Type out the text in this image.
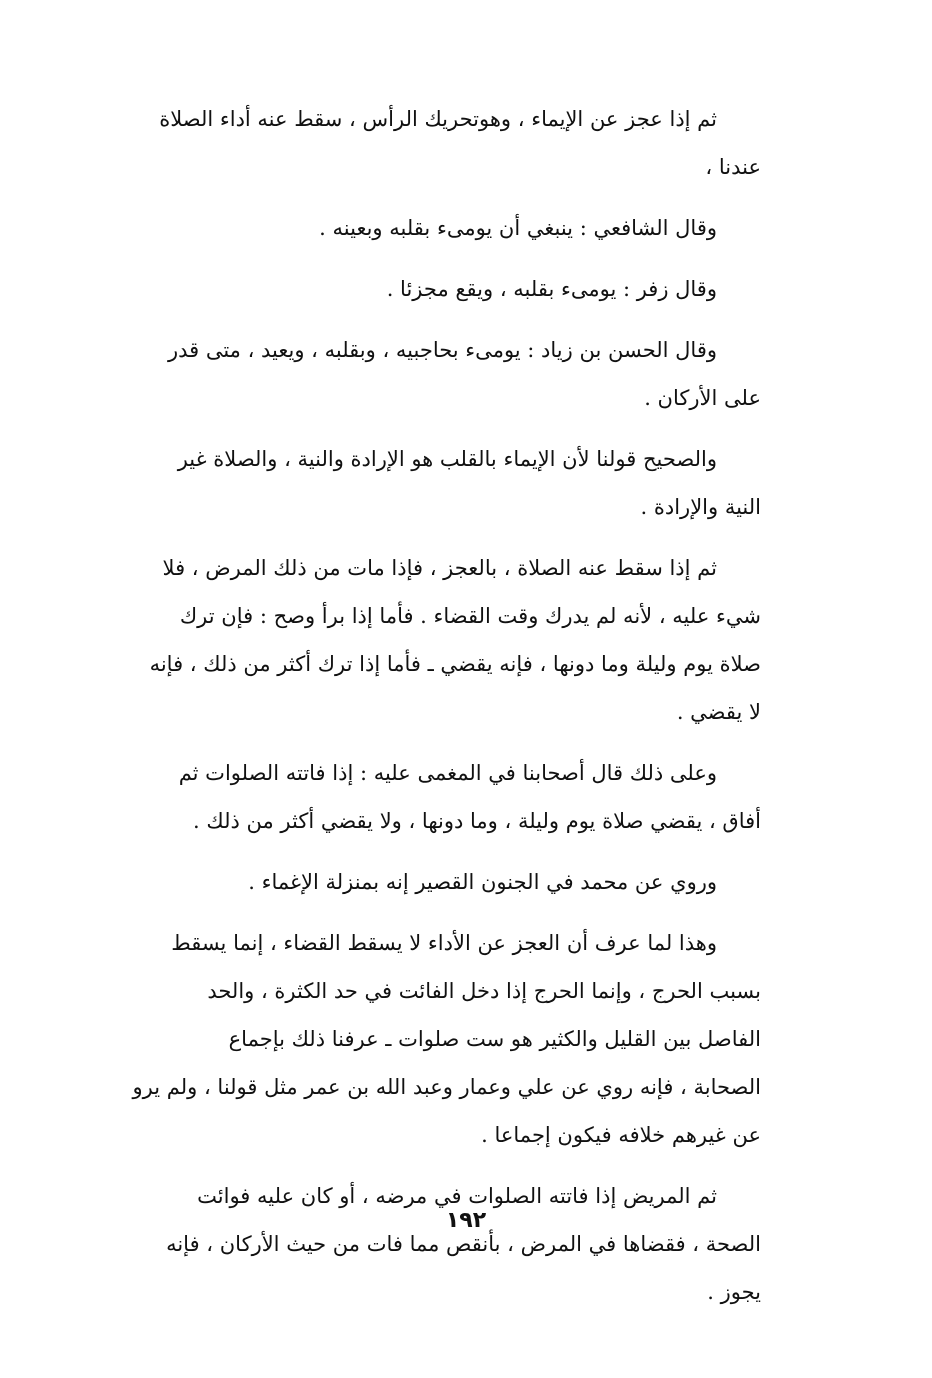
ثم إذا عجز عن الإيماء ، وهوتحريك الرأس ، سقط عنه أداء الصلاة
عندنا ،

وقال الشافعي : ينبغي أن يومىء بقلبه وبعينه .

وقال زفر : يومىء بقلبه ، ويقع مجزئا .

وقال الحسن بن زياد : يومىء بحاجبيه ، وبقلبه ، ويعيد ، متى قدر
على الأركان .

والصحيح قولنا لأن الإيماء بالقلب هو الإرادة والنية ، والصلاة غير
النية والإرادة .

ثم إذا سقط عنه الصلاة ، بالعجز ، فإذا مات من ذلك المرض ، فلا
شيء عليه ، لأنه لم يدرك وقت القضاء . فأما إذا برأ وصح : فإن ترك
صلاة يوم وليلة وما دونها ، فإنه يقضي ـ فأما إذا ترك أكثر من ذلك ، فإنه
لا يقضي .

وعلى ذلك قال أصحابنا في المغمى عليه : إذا فاتته الصلوات ثم
أفاق ، يقضي صلاة يوم وليلة ، وما دونها ، ولا يقضي أكثر من ذلك .

وروي عن محمد في الجنون القصير إنه بمنزلة الإغماء .

وهذا لما عرف أن العجز عن الأداء لا يسقط القضاء ، إنما يسقط
بسبب الحرج ، وإنما الحرج إذا دخل الفائت في حد الكثرة ، والحد
الفاصل بين القليل والكثير هو ست صلوات ـ عرفنا ذلك بإجماع
الصحابة ، فإنه روي عن علي وعمار وعبد الله بن عمر مثل قولنا ، ولم يرو
عن غيرهم خلافه فيكون إجماعا .

ثم المريض إذا فاتته الصلوات في مرضه ، أو كان عليه فوائت
الصحة ، فقضاها في المرض ، بأنقص مما فات من حيث الأركان ، فإنه
يجوز .

١٩٢
